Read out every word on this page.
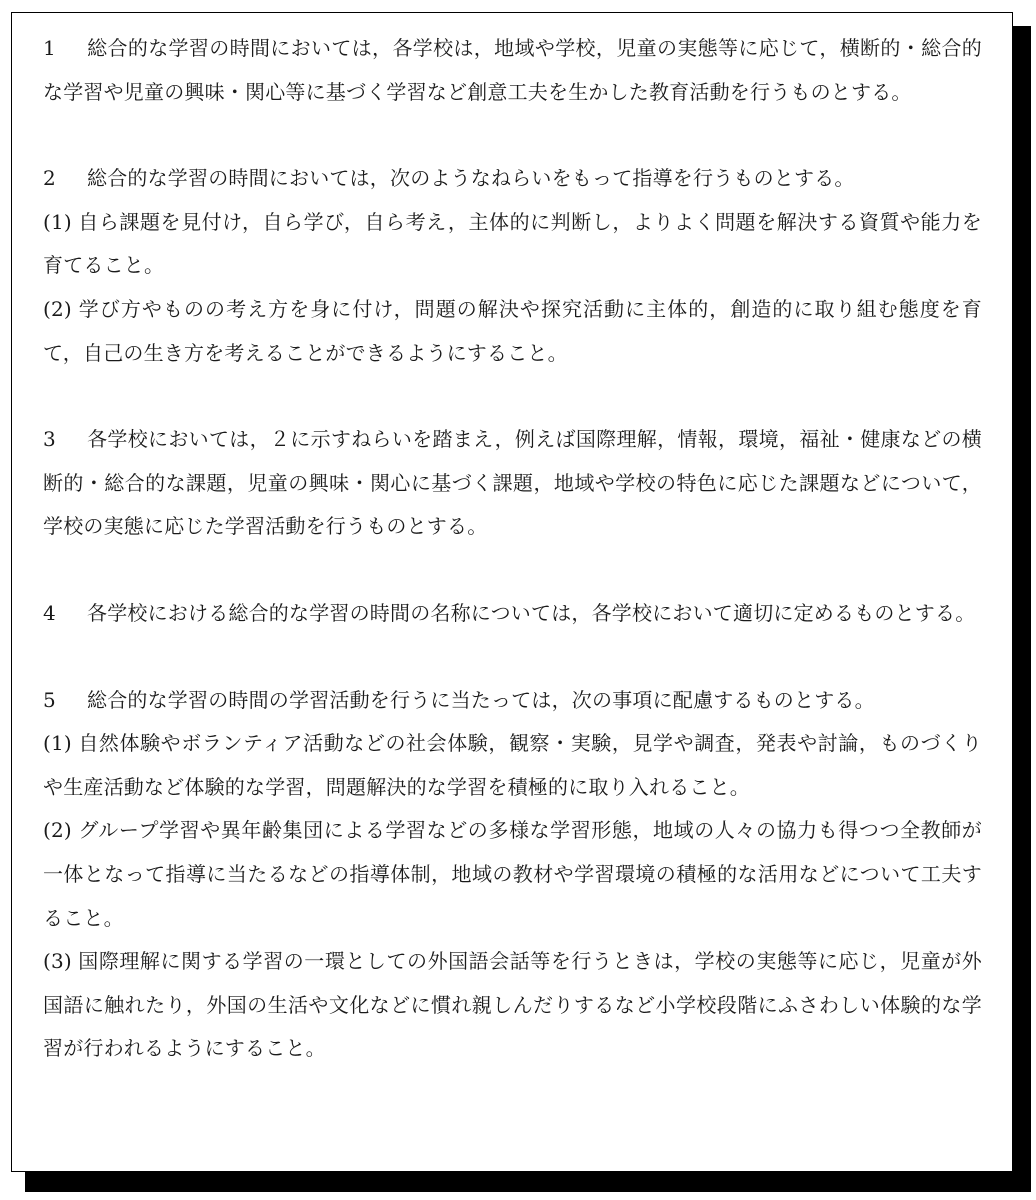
1 総合的な学習の時間においては，各学校は，地域や学校，児童の実態等に応じて，横断的・総合的な学習や児童の興味・関心等に基づく学習など創意工夫を生かした教育活動を行うものとする。

2 総合的な学習の時間においては，次のようなねらいをもって指導を行うものとする。

(1) 自ら課題を見付け，自ら学び，自ら考え，主体的に判断し，よりよく問題を解決する資質や能力を育てること。

(2) 学び方やものの考え方を身に付け，問題の解決や探究活動に主体的，創造的に取り組む態度を育て，自己の生き方を考えることができるようにすること。

3 各学校においては，２に示すねらいを踏まえ，例えば国際理解，情報，環境，福祉・健康などの横断的・総合的な課題，児童の興味・関心に基づく課題，地域や学校の特色に応じた課題などについて，学校の実態に応じた学習活動を行うものとする。

4 各学校における総合的な学習の時間の名称については，各学校において適切に定めるものとする。

5 総合的な学習の時間の学習活動を行うに当たっては，次の事項に配慮するものとする。

(1) 自然体験やボランティア活動などの社会体験，観察・実験，見学や調査，発表や討論，ものづくりや生産活動など体験的な学習，問題解決的な学習を積極的に取り入れること。

(2) グループ学習や異年齢集団による学習などの多様な学習形態，地域の人々の協力も得つつ全教師が一体となって指導に当たるなどの指導体制，地域の教材や学習環境の積極的な活用などについて工夫すること。

(3) 国際理解に関する学習の一環としての外国語会話等を行うときは，学校の実態等に応じ，児童が外国語に触れたり，外国の生活や文化などに慣れ親しんだりするなど小学校段階にふさわしい体験的な学習が行われるようにすること。
